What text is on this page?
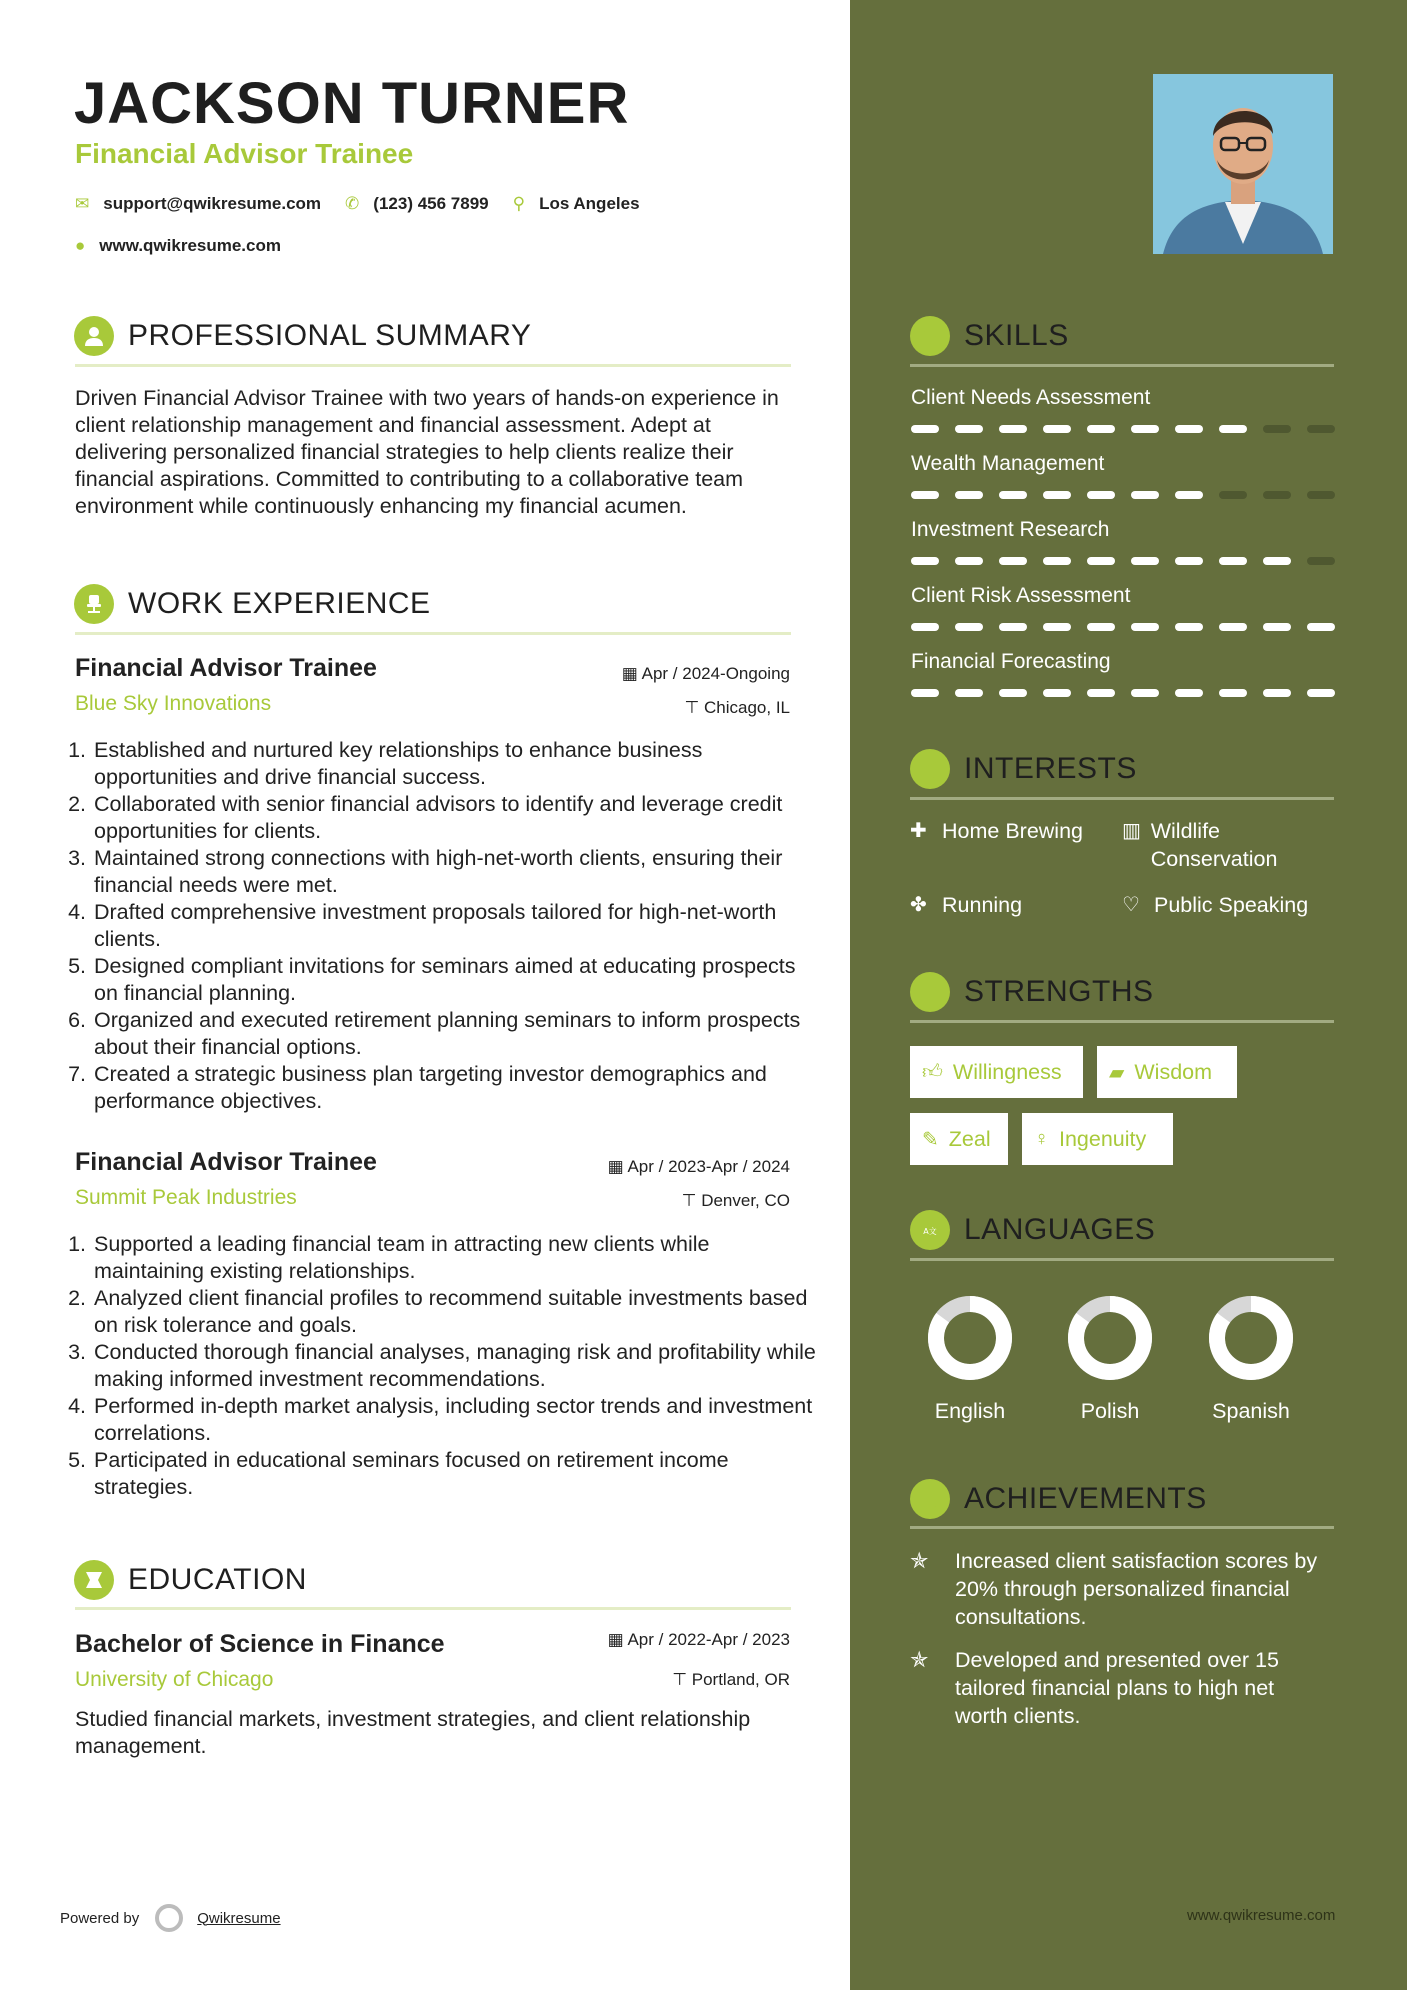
JACKSON TURNER
Financial Advisor Trainee
✉ support@qwikresume.com ✆ (123) 456 7899 ⚲ Los Angeles
● www.qwikresume.com
PROFESSIONAL SUMMARY
Driven Financial Advisor Trainee with two years of hands-on experience in client relationship management and financial assessment. Adept at delivering personalized financial strategies to help clients realize their financial aspirations. Committed to contributing to a collaborative team environment while continuously enhancing my financial acumen.
WORK EXPERIENCE
Financial Advisor Trainee
Blue Sky Innovations
▦ Apr / 2024-Ongoing
⊤ Chicago, IL
1. Established and nurtured key relationships to enhance business opportunities and drive financial success.
2. Collaborated with senior financial advisors to identify and leverage credit opportunities for clients.
3. Maintained strong connections with high-net-worth clients, ensuring their financial needs were met.
4. Drafted comprehensive investment proposals tailored for high-net-worth clients.
5. Designed compliant invitations for seminars aimed at educating prospects on financial planning.
6. Organized and executed retirement planning seminars to inform prospects about their financial options.
7. Created a strategic business plan targeting investor demographics and performance objectives.
Financial Advisor Trainee
Summit Peak Industries
▦ Apr / 2023-Apr / 2024
⊤ Denver, CO
1. Supported a leading financial team in attracting new clients while maintaining existing relationships.
2. Analyzed client financial profiles to recommend suitable investments based on risk tolerance and goals.
3. Conducted thorough financial analyses, managing risk and profitability while making informed investment recommendations.
4. Performed in-depth market analysis, including sector trends and investment correlations.
5. Participated in educational seminars focused on retirement income strategies.
EDUCATION
Bachelor of Science in Finance
University of Chicago
▦ Apr / 2022-Apr / 2023
⊤ Portland, OR
Studied financial markets, investment strategies, and client relationship management.
Powered by	Qwikresume
SKILLS
Client Needs Assessment
Wealth Management
Investment Research
Client Risk Assessment
Financial Forecasting
INTERESTS
✚ Home Brewing ▥ Wildlife Conservation
✤ Running	♡ Public Speaking
STRENGTHS
👍︎ Willingness ▰ Wisdom
✎ Zeal ♀ Ingenuity
A文 LANGUAGES
English	Polish	Spanish
ACHIEVEMENTS
✯	Increased client satisfaction scores by 20% through personalized financial consultations.
✯	Developed and presented over 15 tailored financial plans to high net worth clients.
www.qwikresume.com
